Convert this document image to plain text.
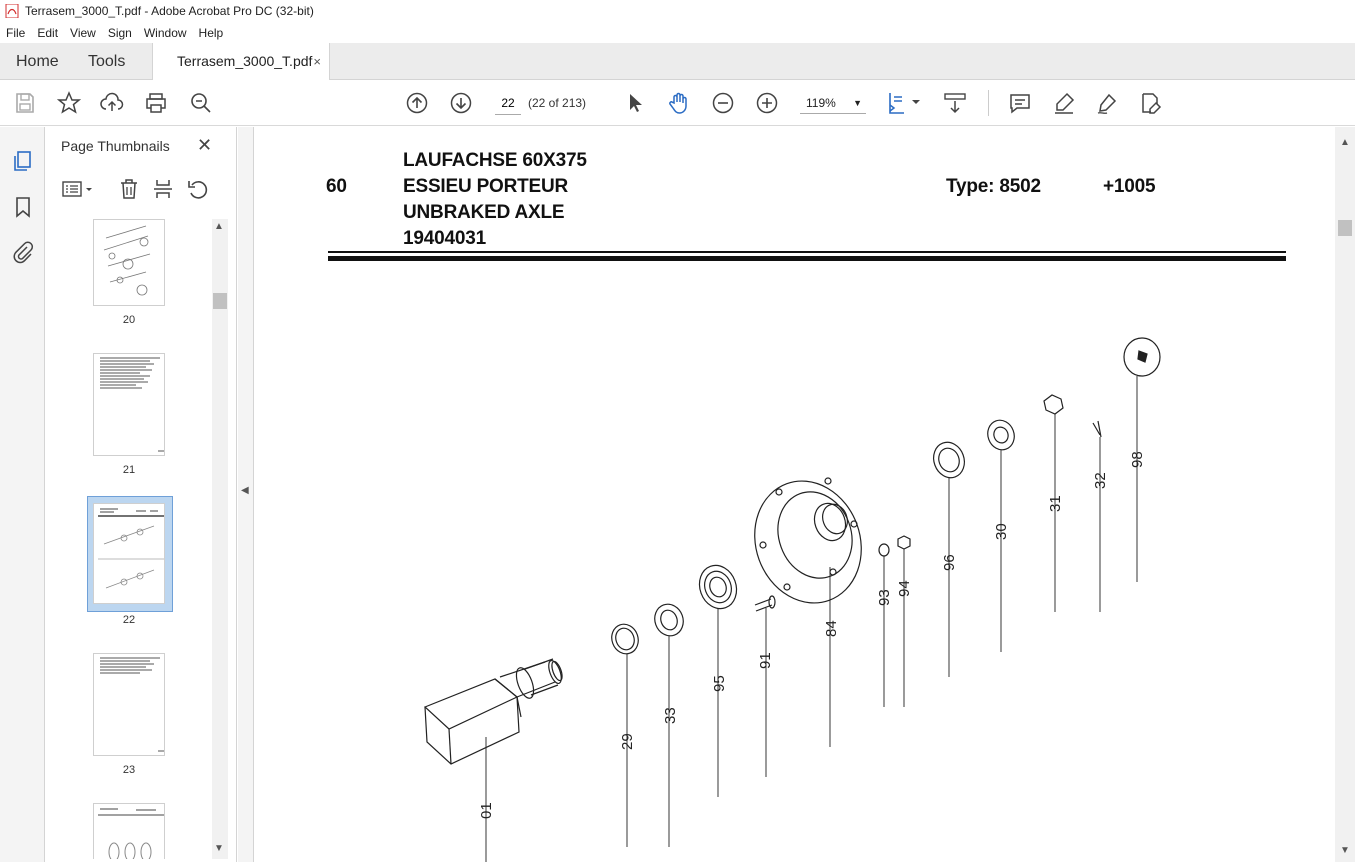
Terrasem_3000_T.pdf - Adobe Acrobat Pro DC (32-bit)
File	Edit	View	Sign	Window	Help
Home Tools	Terrasem_3000_T.pdf ×
22
(22 of 213)	119% ▼
Page Thumbnails ✕
20
21
22
23
▲
▼
◀
60
LAUFACHSE 60X375
ESSIEU PORTEUR
UNBRAKED AXLE
19404031
Type: 8502	+1005
01
29
33
95
91
84
93
94
96
30
31
32
98
▲
▼
